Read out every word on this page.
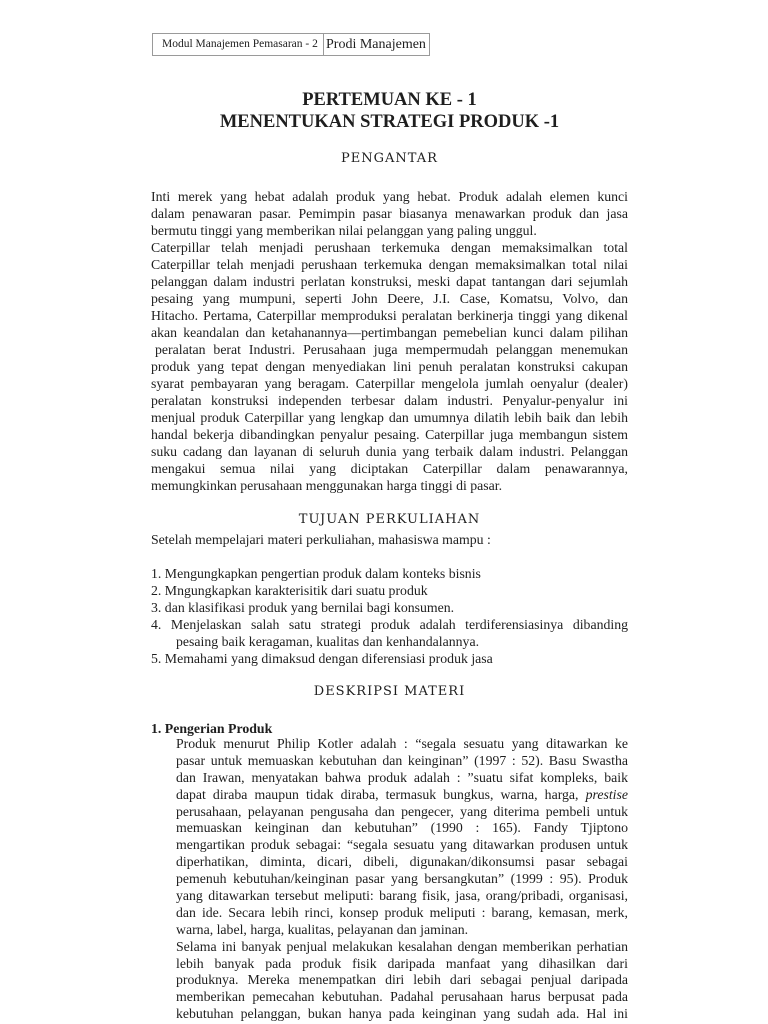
Modul Manajemen Pemasaran - 2 Prodi Manajemen
PERTEMUAN KE - 1
MENENTUKAN STRATEGI PRODUK -1
PENGANTAR
Inti merek yang hebat adalah produk yang hebat. Produk adalah elemen kunci
dalam penawaran pasar. Pemimpin pasar biasanya menawarkan produk dan jasa
bermutu tinggi yang memberikan nilai pelanggan yang paling unggul.
Caterpillar telah menjadi perushaan terkemuka dengan memaksimalkan total
Caterpillar telah menjadi perushaan terkemuka dengan memaksimalkan total nilai
pelanggan dalam industri perlatan konstruksi, meski dapat tantangan dari sejumlah
pesaing yang mumpuni, seperti John Deere, J.I. Case, Komatsu, Volvo, dan
Hitacho. Pertama, Caterpillar memproduksi peralatan berkinerja tinggi yang dikenal
akan keandalan dan ketahanannya—pertimbangan pemebelian kunci dalam pilihan
peralatan berat Industri. Perusahaan juga mempermudah pelanggan menemukan
produk yang tepat dengan menyediakan lini penuh peralatan konstruksi cakupan
syarat pembayaran yang beragam. Caterpillar mengelola jumlah oenyalur (dealer)
peralatan konstruksi independen terbesar dalam industri. Penyalur-penyalur ini
menjual produk Caterpillar yang lengkap dan umumnya dilatih lebih baik dan lebih
handal bekerja dibandingkan penyalur pesaing. Caterpillar juga membangun sistem
suku cadang dan layanan di seluruh dunia yang terbaik dalam industri. Pelanggan
mengakui semua nilai yang diciptakan Caterpillar dalam penawarannya,
memungkinkan perusahaan menggunakan harga tinggi di pasar.
TUJUAN PERKULIAHAN
Setelah mempelajari materi perkuliahan, mahasiswa mampu :
1. Mengungkapkan pengertian produk dalam konteks bisnis
2. Mngungkapkan karakterisitik dari suatu produk
3. dan klasifikasi produk yang bernilai bagi konsumen.
4. Menjelaskan salah satu strategi produk adalah terdiferensiasinya dibanding
pesaing baik keragaman, kualitas dan kenhandalannya.
5. Memahami yang dimaksud dengan diferensiasi produk jasa
DESKRIPSI MATERI
1. Pengerian Produk
Produk menurut Philip Kotler adalah : “segala sesuatu yang ditawarkan ke
pasar untuk memuaskan kebutuhan dan keinginan” (1997 : 52). Basu Swastha
dan Irawan, menyatakan bahwa produk adalah : ”suatu sifat kompleks, baik
dapat diraba maupun tidak diraba, termasuk bungkus, warna, harga, prestise
perusahaan, pelayanan pengusaha dan pengecer, yang diterima pembeli untuk
memuaskan keinginan dan kebutuhan” (1990 : 165). Fandy Tjiptono
mengartikan produk sebagai: “segala sesuatu yang ditawarkan produsen untuk
diperhatikan, diminta, dicari, dibeli, digunakan/dikonsumsi pasar sebagai
pemenuh kebutuhan/keinginan pasar yang bersangkutan” (1999 : 95). Produk
yang ditawarkan tersebut meliputi: barang fisik, jasa, orang/pribadi, organisasi,
dan ide. Secara lebih rinci, konsep produk meliputi : barang, kemasan, merk,
warna, label, harga, kualitas, pelayanan dan jaminan.
Selama ini banyak penjual melakukan kesalahan dengan memberikan perhatian
lebih banyak pada produk fisik daripada manfaat yang dihasilkan dari
produknya. Mereka menempatkan diri lebih dari sebagai penjual daripada
memberikan pemecahan kebutuhan. Padahal perusahaan harus berpusat pada
kebutuhan pelanggan, bukan hanya pada keinginan yang sudah ada. Hal ini
